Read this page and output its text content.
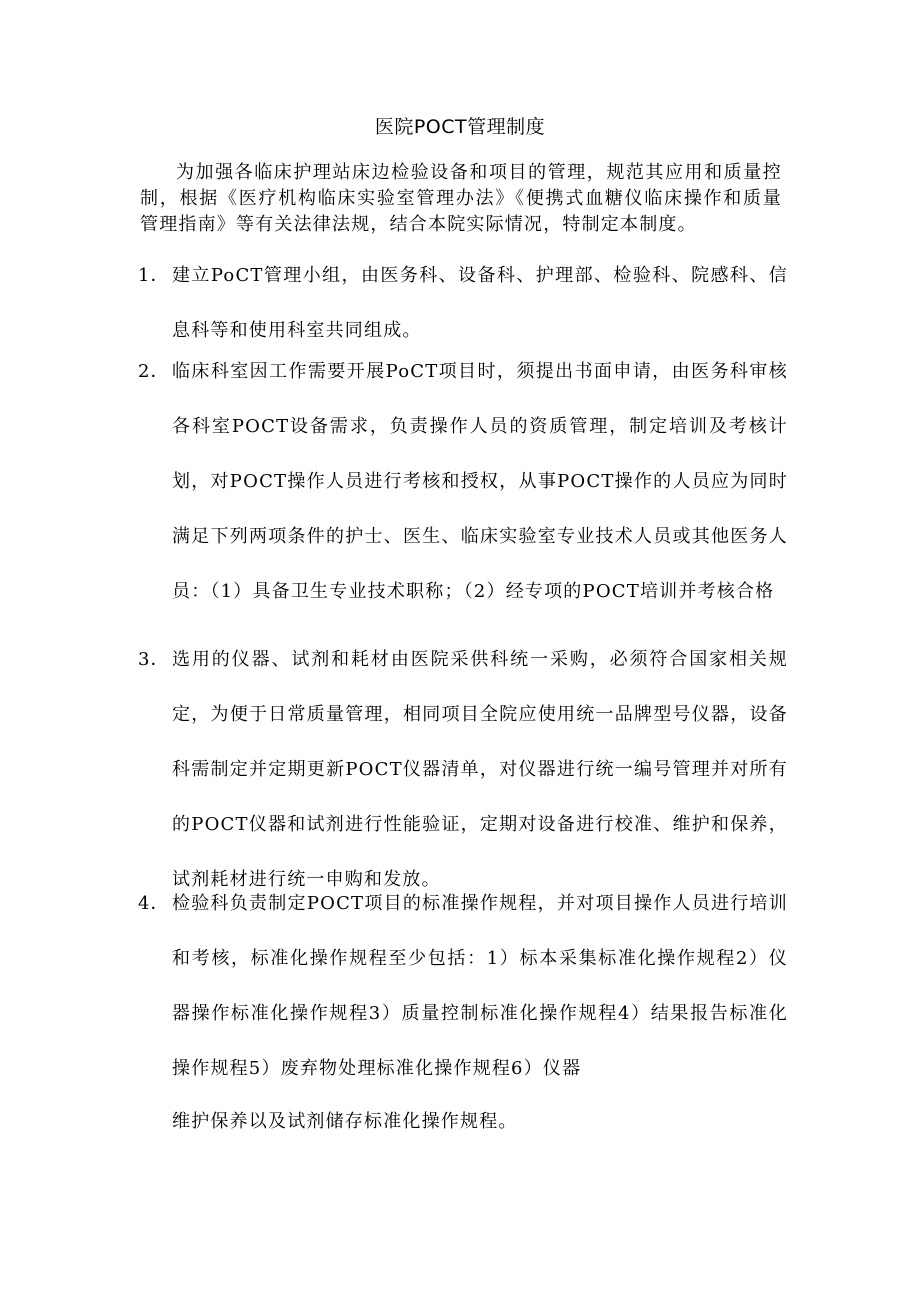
医院POCT管理制度
为加强各临床护理站床边检验设备和项目的管理，规范其应用和质量控制，根据《医疗机构临床实验室管理办法》《便携式血糖仪临床操作和质量管理指南》等有关法律法规，结合本院实际情况，特制定本制度。
1． 建立PoCT管理小组，由医务科、设备科、护理部、检验科、院感科、信息科等和使用科室共同组成。
2． 临床科室因工作需要开展PoCT项目时，须提出书面申请，由医务科审核各科室POCT设备需求，负责操作人员的资质管理，制定培训及考核计划，对POCT操作人员进行考核和授权，从事POCT操作的人员应为同时满足下列两项条件的护士、医生、临床实验室专业技术人员或其他医务人员：（1）具备卫生专业技术职称；（2）经专项的POCT培训并考核合格
3． 选用的仪器、试剂和耗材由医院采供科统一采购，必须符合国家相关规定，为便于日常质量管理，相同项目全院应使用统一品牌型号仪器，设备科需制定并定期更新POCT仪器清单，对仪器进行统一编号管理并对所有的POCT仪器和试剂进行性能验证，定期对设备进行校准、维护和保养，试剂耗材进行统一申购和发放。
4． 检验科负责制定POCT项目的标准操作规程，并对项目操作人员进行培训和考核，标准化操作规程至少包括：1）标本采集标准化操作规程2）仪器操作标准化操作规程3）质量控制标准化操作规程4）结果报告标准化操作规程5）废弃物处理标准化操作规程6）仪器
维护保养以及试剂储存标准化操作规程。
